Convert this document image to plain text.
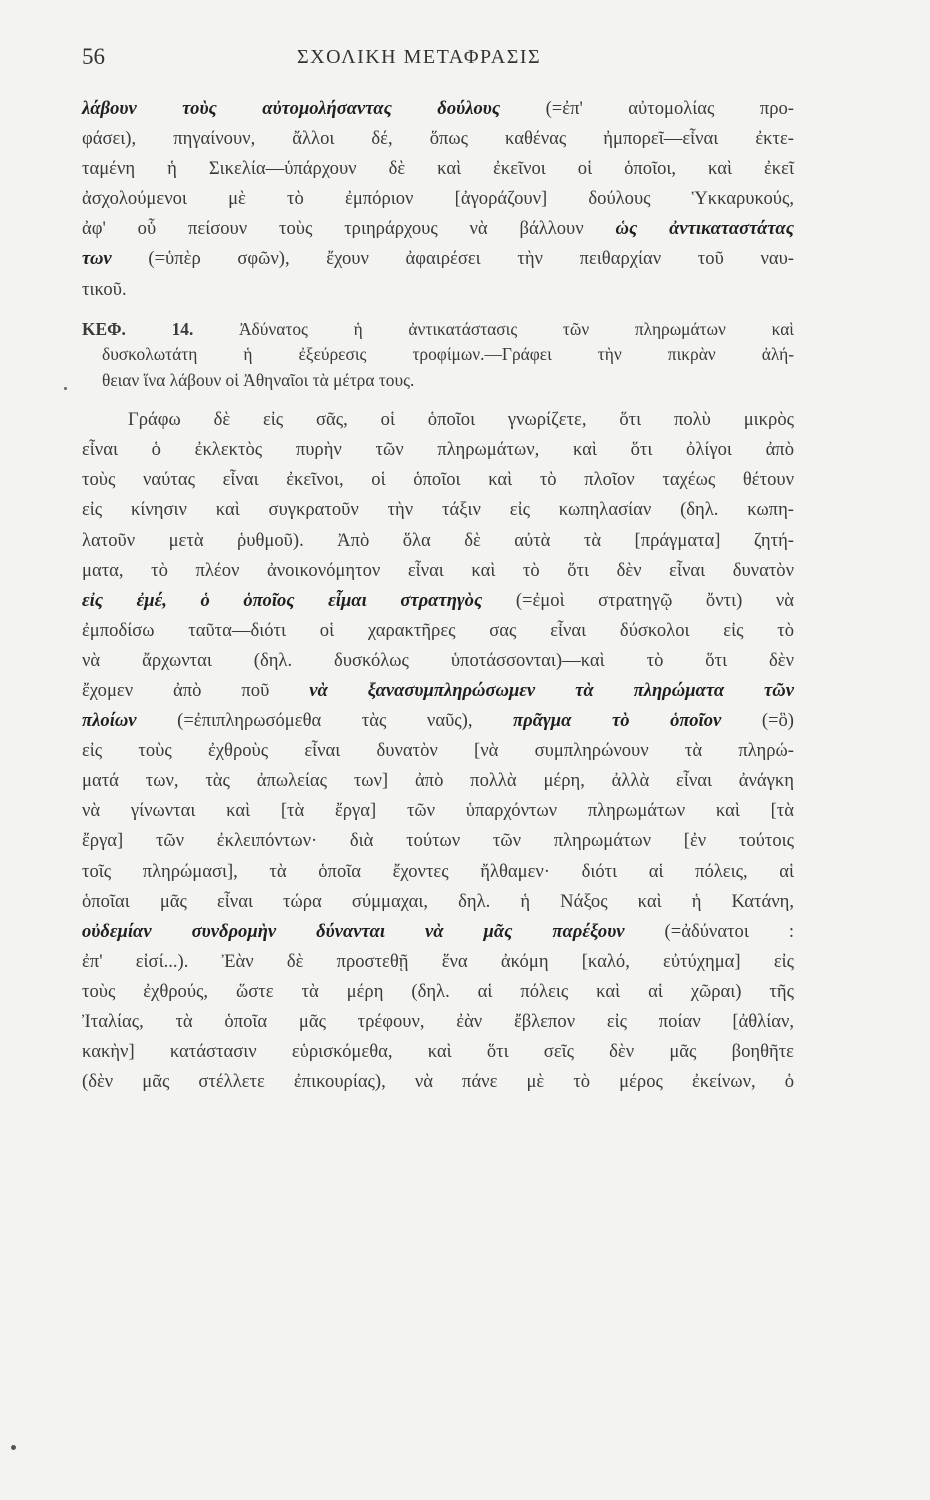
56	ΣΧΟΛΙΚΗ ΜΕΤΑΦΡΑΣΙΣ
λάβουν τοὺς αὐτομολήσαντας δούλους (=ἐπ' αὐτομολίας προ-
φάσει), πηγαίνουν, ἄλλοι δέ, ὅπως καθένας ἠμπορεῖ—εἶναι ἐκτε-
ταμένη ἡ Σικελία—ὑπάρχουν δὲ καὶ ἐκεῖνοι οἱ ὁποῖοι, καὶ ἐκεῖ
ἀσχολούμενοι μὲ τὸ ἐμπόριον [ἀγοράζουν] δούλους Ὑκκαρυκούς,
ἀφ' οὗ πείσουν τοὺς τριηράρχους νὰ βάλλουν ὡς ἀντικαταστάτας
των (=ὑπὲρ σφῶν), ἔχουν ἀφαιρέσει τὴν πειθαρχίαν τοῦ ναυ-
τικοῦ.
ΚΕΦ. 14.	Ἀδύνατος ἡ ἀντικατάστασις τῶν πληρωμάτων καὶ
δυσκολωτάτη ἡ ἐξεύρεσις τροφίμων.—Γράφει τὴν πικρὰν ἀλή-
θειαν ἵνα λάβουν οἱ Ἀθηναῖοι τὰ μέτρα τους.
Γράφω δὲ εἰς σᾶς, οἱ ὁποῖοι γνωρίζετε, ὅτι πολὺ μικρὸς
εἶναι ὁ ἐκλεκτὸς πυρὴν τῶν πληρωμάτων, καὶ ὅτι ὀλίγοι ἀπὸ
τοὺς ναύτας εἶναι ἐκεῖνοι, οἱ ὁποῖοι καὶ τὸ πλοῖον ταχέως θέτουν
εἰς κίνησιν καὶ συγκρατοῦν τὴν τάξιν εἰς κωπηλασίαν (δηλ. κωπη-
λατοῦν μετὰ ῥυθμοῦ). Ἀπὸ ὅλα δὲ αὐτὰ τὰ [πράγματα] ζητή-
ματα, τὸ πλέον ἀνοικονόμητον εἶναι καὶ τὸ ὅτι δὲν εἶναι δυνατὸν
εἰς ἐμέ, ὁ ὁποῖος εἶμαι στρατηγὸς (=ἐμοὶ στρατηγῷ ὄντι) νὰ
ἐμποδίσω ταῦτα—διότι οἱ χαρακτῆρες σας εἶναι δύσκολοι εἰς τὸ
νὰ ἄρχωνται (δηλ. δυσκόλως ὑποτάσσονται)—καὶ τὸ ὅτι δὲν
ἔχομεν ἀπὸ ποῦ νὰ ξανασυμπληρώσωμεν τὰ πληρώματα τῶν
πλοίων (=ἐπιπληρωσόμεθα τὰς ναῦς), πρᾶγμα τὸ ὁποῖον (=ὃ)
εἰς τοὺς ἐχθροὺς εἶναι δυνατὸν [νὰ συμπληρώνουν τὰ πληρώ-
ματά των, τὰς ἀπωλείας των] ἀπὸ πολλὰ μέρη, ἀλλὰ εἶναι ἀνάγκη
νὰ γίνωνται καὶ [τὰ ἔργα] τῶν ὑπαρχόντων πληρωμάτων καὶ [τὰ
ἔργα] τῶν ἐκλειπόντων· διὰ τούτων τῶν πληρωμάτων [ἐν τούτοις
τοῖς πληρώμασι], τὰ ὁποῖα ἔχοντες ἤλθαμεν· διότι αἱ πόλεις, αἱ
ὁποῖαι μᾶς εἶναι τώρα σύμμαχαι, δηλ. ἡ Νάξος καὶ ἡ Κατάνη,
οὐδεμίαν συνδρομὴν δύνανται νὰ μᾶς παρέξουν (=ἀδύνατοι :
ἐπ' εἰσί...). Ἐὰν δὲ προστεθῇ ἕνα ἀκόμη [καλό, εὐτύχημα] εἰς
τοὺς ἐχθρούς, ὥστε τὰ μέρη (δηλ. αἱ πόλεις καὶ αἱ χῶραι) τῆς
Ἰταλίας, τὰ ὁποῖα μᾶς τρέφουν, ἐὰν ἔβλεπον εἰς ποίαν [ἀθλίαν,
κακὴν] κατάστασιν εὑρισκόμεθα, καὶ ὅτι σεῖς δὲν μᾶς βοηθῆτε
(δὲν μᾶς στέλλετε ἐπικουρίας), νὰ πάνε μὲ τὸ μέρος ἐκείνων, ὁ
